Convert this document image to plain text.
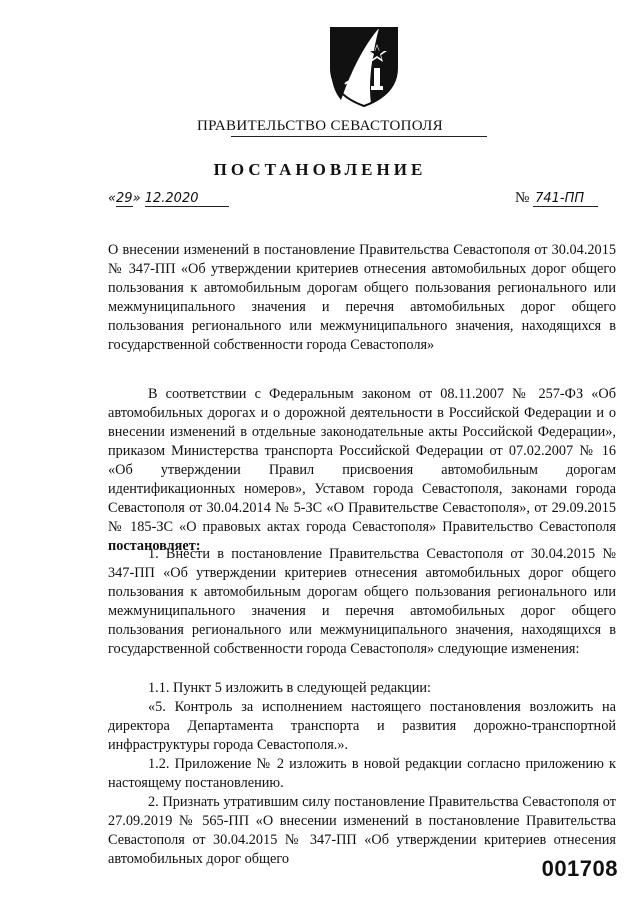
ПРАВИТЕЛЬСТВО СЕВАСТОПОЛЯ
ПОСТАНОВЛЕНИЕ
«29» 12.2020	№ 741-ПП
О внесении изменений в постановление Правительства Севастополя от 30.04.2015 № 347-ПП «Об утверждении критериев отнесения автомобильных дорог общего пользования к автомобильным дорогам общего пользования регионального или межмуниципального значения и перечня автомобильных дорог общего пользования регионального или межмуниципального значения, находящихся в государственной собственности города Севастополя»
В соответствии с Федеральным законом от 08.11.2007 № 257-ФЗ «Об автомобильных дорогах и о дорожной деятельности в Российской Федерации и о внесении изменений в отдельные законодательные акты Российской Федерации», приказом Министерства транспорта Российской Федерации от 07.02.2007 № 16 «Об утверждении Правил присвоения автомобильным дорогам идентификационных номеров», Уставом города Севастополя, законами города Севастополя от 30.04.2014 № 5-ЗС «О Правительстве Севастополя», от 29.09.2015 № 185-ЗС «О правовых актах города Севастополя» Правительство Севастополя постановляет:
1. Внести в постановление Правительства Севастополя от 30.04.2015 № 347-ПП «Об утверждении критериев отнесения автомобильных дорог общего пользования к автомобильным дорогам общего пользования регионального или межмуниципального значения и перечня автомобильных дорог общего пользования регионального или межмуниципального значения, находящихся в государственной собственности города Севастополя» следующие изменения:
1.1. Пункт 5 изложить в следующей редакции:
«5. Контроль за исполнением настоящего постановления возложить на директора Департамента транспорта и развития дорожно-транспортной инфраструктуры города Севастополя.».
1.2. Приложение № 2 изложить в новой редакции согласно приложению к настоящему постановлению.
2. Признать утратившим силу постановление Правительства Севастополя от 27.09.2019 № 565-ПП «О внесении изменений в постановление Правительства Севастополя от 30.04.2015 № 347-ПП «Об утверждении критериев отнесения автомобильных дорог общего	001708
